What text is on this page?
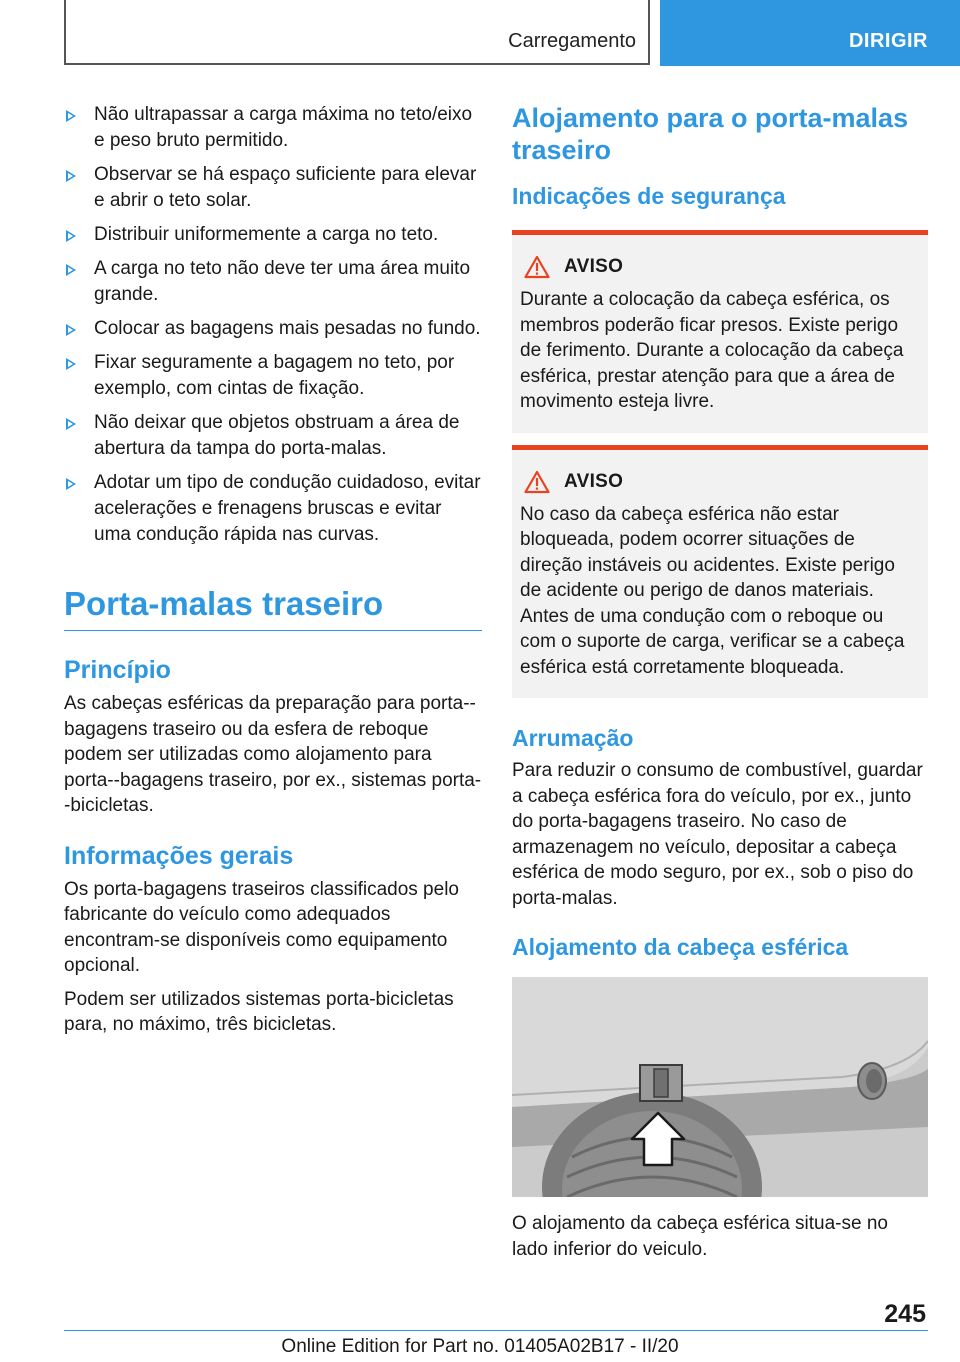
Carregamento	DIRIGIR
Não ultrapassar a carga máxima no teto/eixo e peso bruto permitido.
Observar se há espaço suficiente para elevar e abrir o teto solar.
Distribuir uniformemente a carga no teto.
A carga no teto não deve ter uma área muito grande.
Colocar as bagagens mais pesadas no fundo.
Fixar seguramente a bagagem no teto, por exemplo, com cintas de fixação.
Não deixar que objetos obstruam a área de abertura da tampa do porta-malas.
Adotar um tipo de condução cuidadoso, evitar acelerações e frenagens bruscas e evitar uma condução rápida nas curvas.
Porta-malas traseiro
Princípio

As cabeças esféricas da preparação para porta--bagagens traseiro ou da esfera de reboque podem ser utilizadas como alojamento para porta--bagagens traseiro, por ex., sistemas porta--bicicletas.

Informações gerais

Os porta-bagagens traseiros classificados pelo fabricante do veículo como adequados encontram-se disponíveis como equipamento opcional.

Podem ser utilizados sistemas porta-bicicletas para, no máximo, três bicicletas.

Alojamento para o porta-malas traseiro
Indicações de segurança
AVISO

Durante a colocação da cabeça esférica, os membros poderão ficar presos. Existe perigo de ferimento. Durante a colocação da cabeça esférica, prestar atenção para que a área de movimento esteja livre.

AVISO

No caso da cabeça esférica não estar bloqueada, podem ocorrer situações de direção instáveis ou acidentes. Existe perigo de acidente ou perigo de danos materiais. Antes de uma condução com o reboque ou com o suporte de carga, verificar se a cabeça esférica está corretamente bloqueada.

Arrumação

Para reduzir o consumo de combustível, guardar a cabeça esférica fora do veículo, por ex., junto do porta-bagagens traseiro. No caso de armazenagem no veículo, depositar a cabeça esférica de modo seguro, por ex., sob o piso do porta-malas.

Alojamento da cabeça esférica

O alojamento da cabeça esférica situa-se no lado inferior do veiculo.

245
Online Edition for Part no. 01405A02B17 - II/20
